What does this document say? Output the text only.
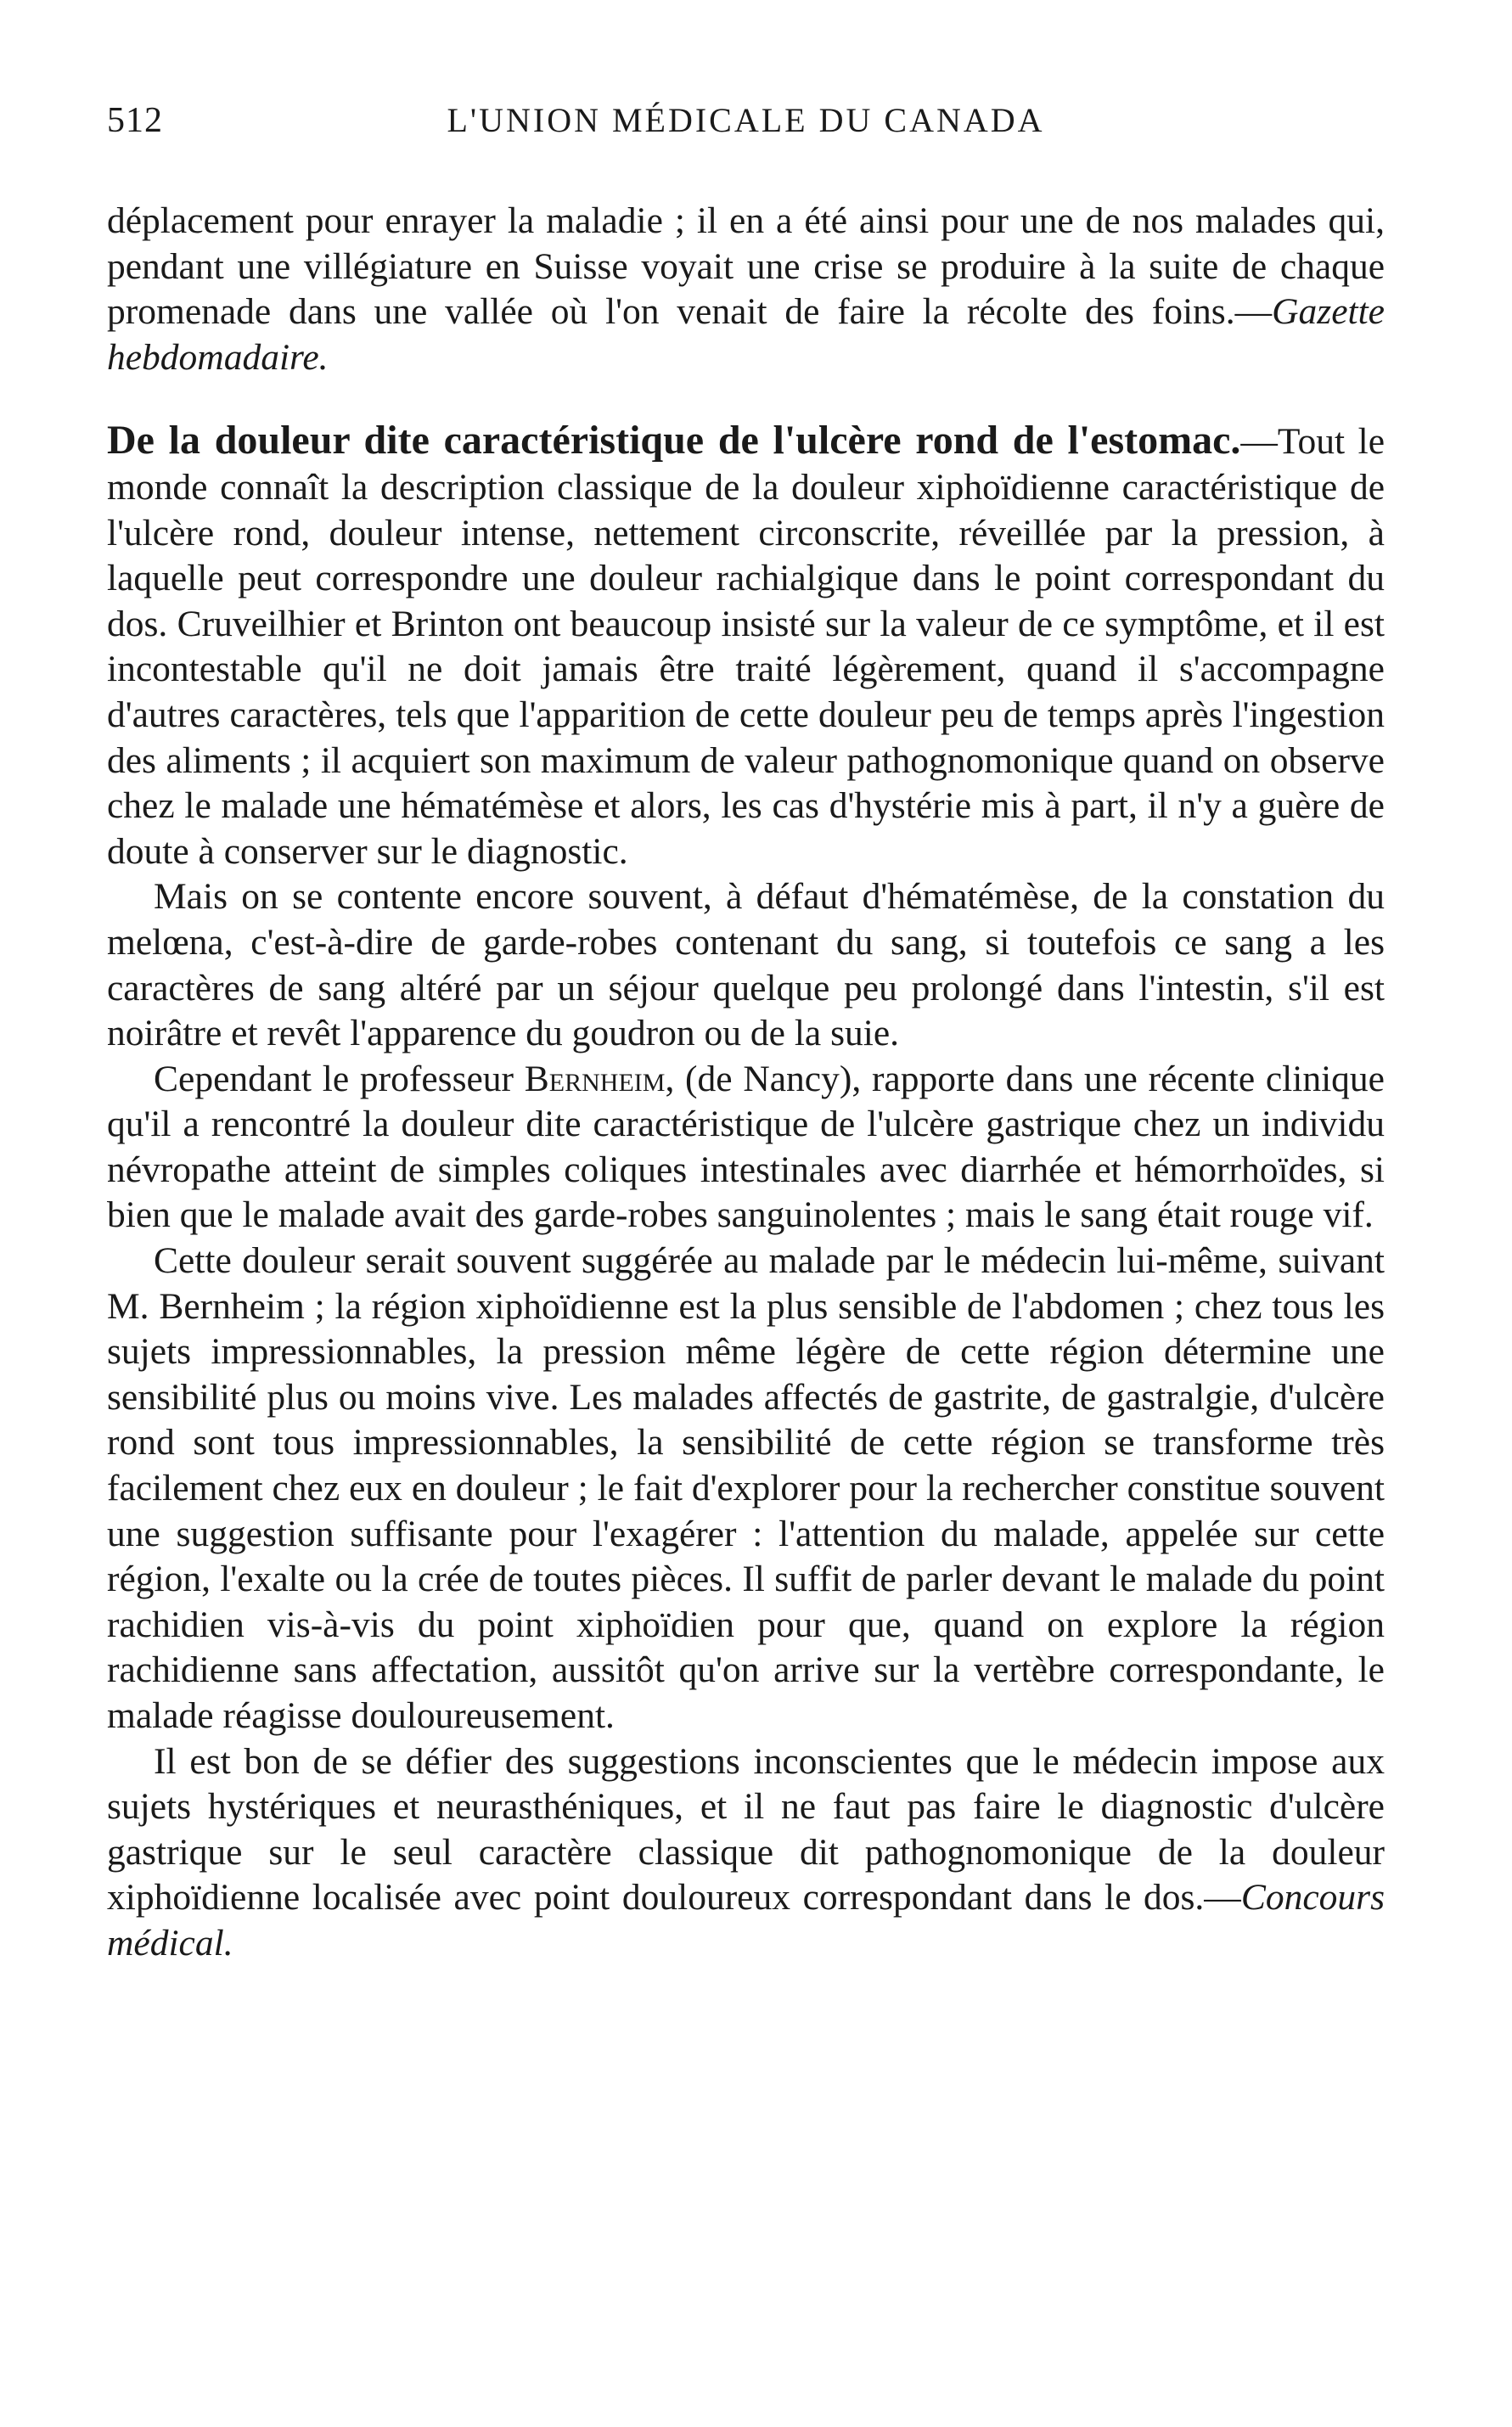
512	L'UNION MÉDICALE DU CANADA

déplacement pour enrayer la maladie ; il en a été ainsi pour une de nos malades qui, pendant une villégiature en Suisse voyait une crise se produire à la suite de chaque promenade dans une vallée où l'on venait de faire la récolte des foins.—Gazette hebdomadaire.

De la douleur dite caractéristique de l'ulcère rond de l'estomac.—Tout le monde connaît la description classique de la douleur xiphoïdienne caractéristique de l'ulcère rond, douleur intense, nettement circonscrite, réveillée par la pression, à laquelle peut correspondre une douleur rachialgique dans le point correspondant du dos. Cruveilhier et Brinton ont beaucoup insisté sur la valeur de ce symptôme, et il est incontestable qu'il ne doit jamais être traité légèrement, quand il s'accompagne d'autres caractères, tels que l'apparition de cette douleur peu de temps après l'ingestion des aliments ; il acquiert son maximum de valeur pathognomonique quand on observe chez le malade une hématémèse et alors, les cas d'hystérie mis à part, il n'y a guère de doute à conserver sur le diagnostic.

Mais on se contente encore souvent, à défaut d'hématémèse, de la constation du melœna, c'est-à-dire de garde-robes contenant du sang, si toutefois ce sang a les caractères de sang altéré par un séjour quelque peu prolongé dans l'intestin, s'il est noirâtre et revêt l'apparence du goudron ou de la suie.

Cependant le professeur Bernheim, (de Nancy), rapporte dans une récente clinique qu'il a rencontré la douleur dite caractéristique de l'ulcère gastrique chez un individu névropathe atteint de simples coliques intestinales avec diarrhée et hémorrhoïdes, si bien que le malade avait des garde-robes sanguinolentes ; mais le sang était rouge vif.

Cette douleur serait souvent suggérée au malade par le médecin lui-même, suivant M. Bernheim ; la région xiphoïdienne est la plus sensible de l'abdomen ; chez tous les sujets impressionnables, la pression même légère de cette région détermine une sensibilité plus ou moins vive. Les malades affectés de gastrite, de gastralgie, d'ulcère rond sont tous impressionnables, la sensibilité de cette région se transforme très facilement chez eux en douleur ; le fait d'explorer pour la rechercher constitue souvent une suggestion suffisante pour l'exagérer : l'attention du malade, appelée sur cette région, l'exalte ou la crée de toutes pièces. Il suffit de parler devant le malade du point rachidien vis-à-vis du point xiphoïdien pour que, quand on explore la région rachidienne sans affectation, aussitôt qu'on arrive sur la vertèbre correspondante, le malade réagisse douloureusement.

Il est bon de se défier des suggestions inconscientes que le médecin impose aux sujets hystériques et neurasthéniques, et il ne faut pas faire le diagnostic d'ulcère gastrique sur le seul caractère classique dit pathognomonique de la douleur xiphoïdienne localisée avec point douloureux correspondant dans le dos.—Concours médical.
